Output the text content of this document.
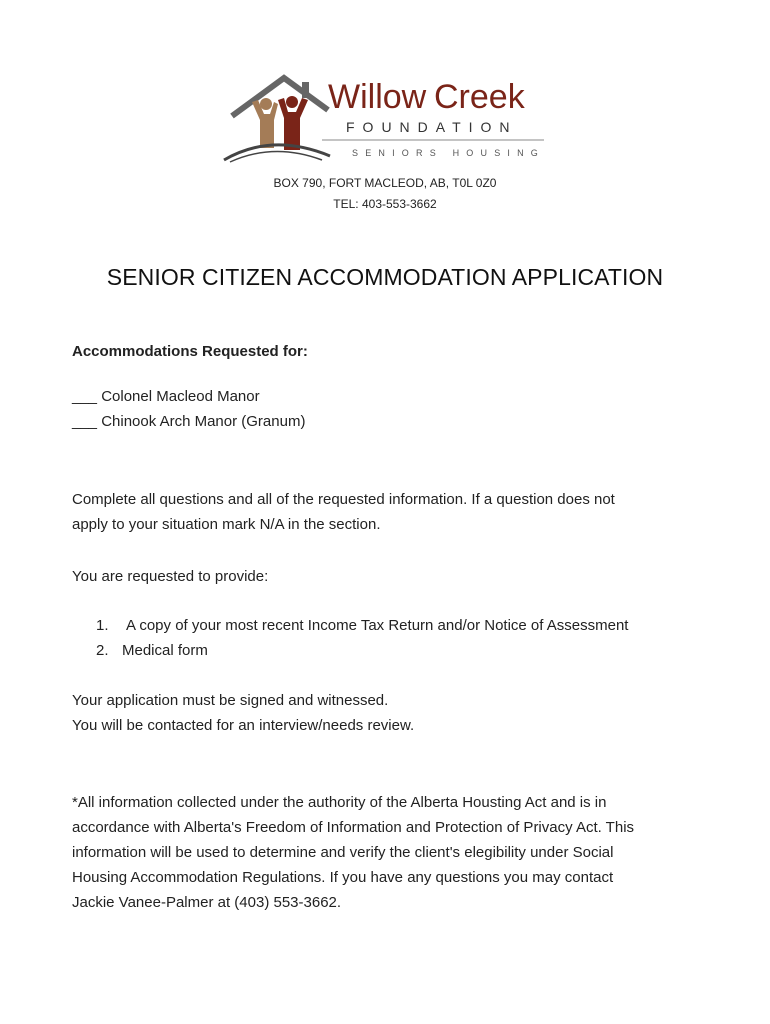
Willow Creek
FOUNDATION
SENIORS HOUSING
BOX 790, FORT MACLEOD, AB, T0L 0Z0
TEL: 403-553-3662
SENIOR CITIZEN ACCOMMODATION APPLICATION
Accommodations Requested for:
___ Colonel Macleod Manor
___ Chinook Arch Manor (Granum)
Complete all questions and all of the requested information. If a question does not
apply to your situation mark N/A in the section.
You are requested to provide:
1.	A copy of your most recent Income Tax Return and/or Notice of Assessment
2. Medical form
Your application must be signed and witnessed.
You will be contacted for an interview/needs review.
*All information collected under the authority of the Alberta Housting Act and is in
accordance with Alberta's Freedom of Information and Protection of Privacy Act. This
information will be used to determine and verify the client's elegibility under Social
Housing Accommodation Regulations. If you have any questions you may contact
Jackie Vanee-Palmer at (403) 553-3662.
